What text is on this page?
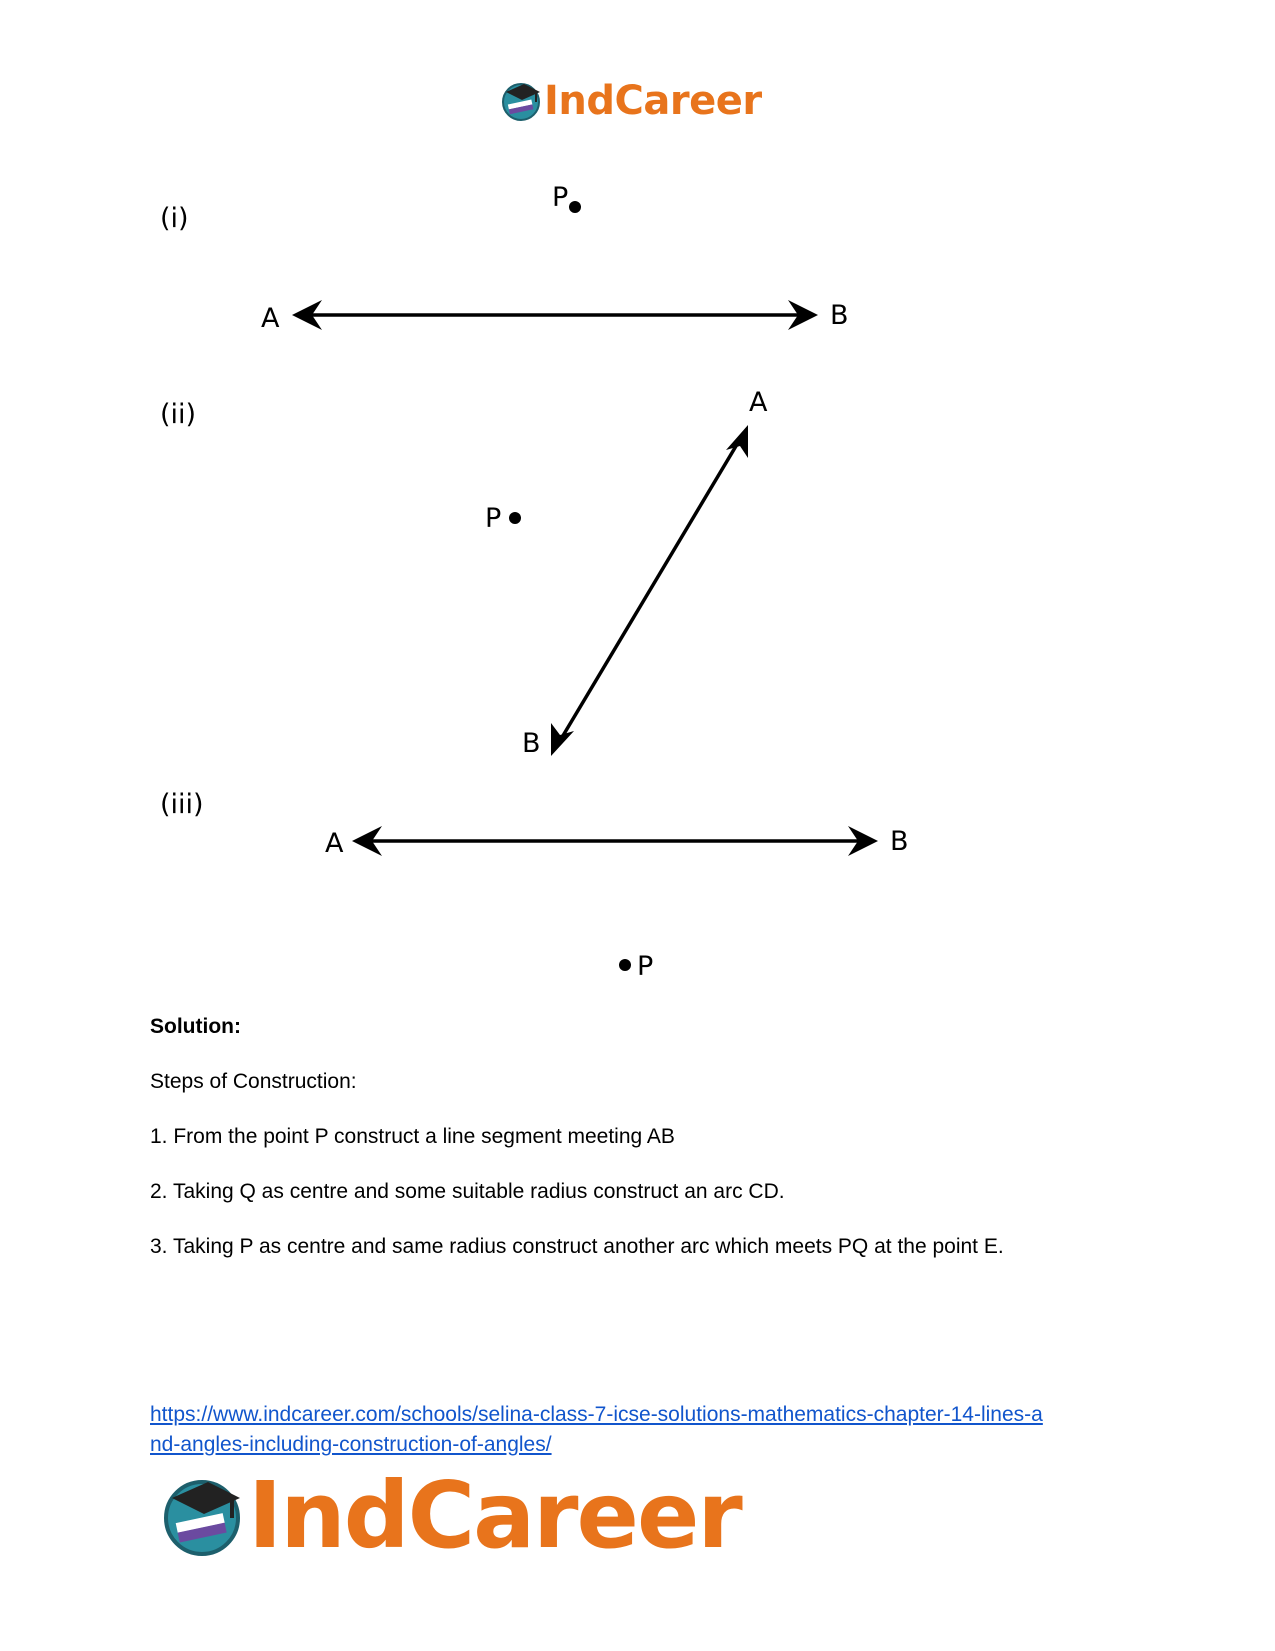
IndCareer
(i)
P
A	B
(ii)	A
P
B
(iii)
A	B
P
Solution:
Steps of Construction:
1. From the point P construct a line segment meeting AB
2. Taking Q as centre and some suitable radius construct an arc CD.
3. Taking P as centre and same radius construct another arc which meets PQ at the point E.
https://www.indcareer.com/schools/selina-class-7-icse-solutions-mathematics-chapter-14-lines-a
nd-angles-including-construction-of-angles/
IndCareer
